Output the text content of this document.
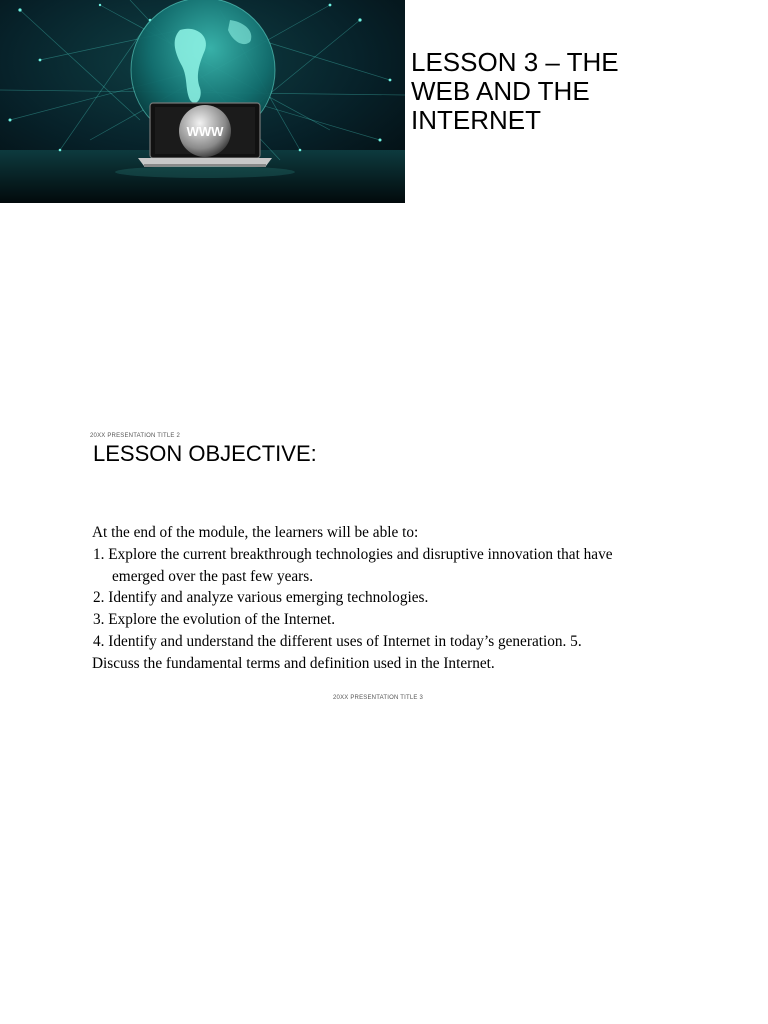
WWW
LESSON 3 – THE
WEB AND THE
INTERNET
20XX PRESENTATION TITLE 2
LESSON OBJECTIVE:
At the end of the module, the learners will be able to:
1. Explore the current breakthrough technologies and disruptive innovation that have
emerged over the past few years.
2. Identify and analyze various emerging technologies.
3. Explore the evolution of the Internet.
4. Identify and understand the different uses of Internet in today’s generation. 5.
Discuss the fundamental terms and definition used in the Internet.
20XX PRESENTATION TITLE 3
